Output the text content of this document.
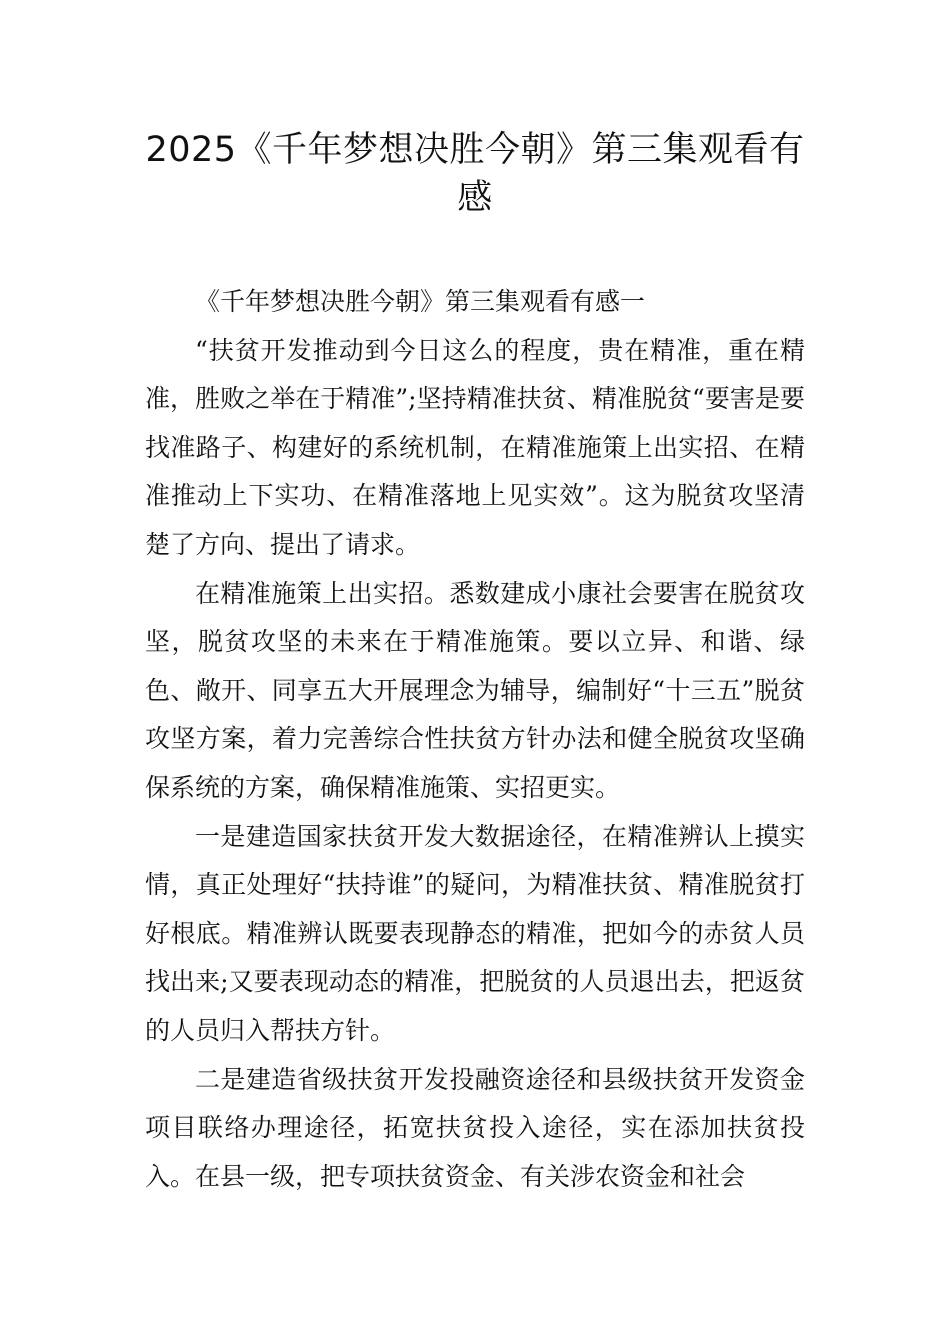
2025《千年梦想决胜今朝》第三集观看有感

《千年梦想决胜今朝》第三集观看有感一

“扶贫开发推动到今日这么的程度，贵在精准，重在精准，胜败之举在于精准”;坚持精准扶贫、精准脱贫“要害是要找准路子、构建好的系统机制，在精准施策上出实招、在精准推动上下实功、在精准落地上见实效”。这为脱贫攻坚清楚了方向、提出了请求。

在精准施策上出实招。悉数建成小康社会要害在脱贫攻坚，脱贫攻坚的未来在于精准施策。要以立异、和谐、绿色、敞开、同享五大开展理念为辅导，编制好“十三五”脱贫攻坚方案，着力完善综合性扶贫方针办法和健全脱贫攻坚确保系统的方案，确保精准施策、实招更实。

一是建造国家扶贫开发大数据途径，在精准辨认上摸实情，真正处理好“扶持谁”的疑问，为精准扶贫、精准脱贫打好根底。精准辨认既要表现静态的精准，把如今的赤贫人员找出来;又要表现动态的精准，把脱贫的人员退出去，把返贫的人员归入帮扶方针。

二是建造省级扶贫开发投融资途径和县级扶贫开发资金项目联络办理途径，拓宽扶贫投入途径，实在添加扶贫投入。在县一级，把专项扶贫资金、有关涉农资金和社会
